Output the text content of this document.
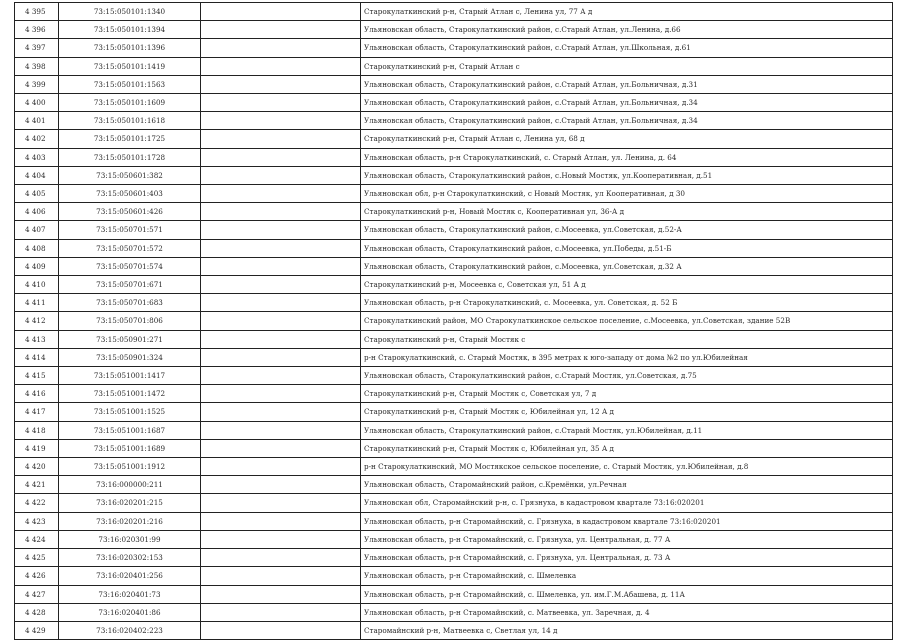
4 395	73:15:050101:1340		Старокулаткинский р-н, Старый Атлан с, Ленина ул, 77 А д
4 396	73:15:050101:1394		Ульяновская область, Старокулаткинский район, с.Старый Атлан, ул.Ленина, д.66
4 397	73:15:050101:1396		Ульяновская область, Старокулаткинский район, с.Старый Атлан, ул.Школьная, д.61
4 398	73:15:050101:1419		Старокулаткинский р-н, Старый Атлан с
4 399	73:15:050101:1563		Ульяновская область, Старокулаткинский район, с.Старый Атлан, ул.Больничная, д.31
4 400	73:15:050101:1609		Ульяновская область, Старокулаткинский район, с.Старый Атлан, ул.Больничная, д.34
4 401	73:15:050101:1618		Ульяновская область, Старокулаткинский район, с.Старый Атлан, ул.Больничная, д.34
4 402	73:15:050101:1725		Старокулаткинский р-н, Старый Атлан с, Ленина ул, 68 д
4 403	73:15:050101:1728		Ульяновская область, р-н Старокулаткинский, с. Старый Атлан, ул. Ленина, д. 64
4 404	73:15:050601:382		Ульяновская область, Старокулаткинский район, с.Новый Мостяк, ул.Кооперативная, д.51
4 405	73:15:050601:403		Ульяновская обл, р-н Старокулаткинский, с Новый Мостяк, ул Кооперативная, д 30
4 406	73:15:050601:426		Старокулаткинский р-н, Новый Мостяк с, Кооперативная ул, 36-А д
4 407	73:15:050701:571		Ульяновская область, Старокулаткинский район, с.Мосеевка, ул.Советская, д.52-А
4 408	73:15:050701:572		Ульяновская область, Старокулаткинский район, с.Мосеевка, ул.Победы, д.51-Б
4 409	73:15:050701:574		Ульяновская область, Старокулаткинский район, с.Мосеевка, ул.Советская, д.32 А
4 410	73:15:050701:671		Старокулаткинский р-н, Мосеевка с, Советская ул, 51 А д
4 411	73:15:050701:683		Ульяновская область, р-н Старокулаткинский, с. Мосеевка, ул. Советская, д. 52 Б
4 412	73:15:050701:806		Старокулаткинский район, МО Старокулаткинское сельское поселение, с.Мосеевка, ул.Советская, здание 52В
4 413	73:15:050901:271		Старокулаткинский р-н, Старый Мостяк с
4 414	73:15:050901:324		р-н Старокулаткинский, с. Старый Мостяк, в 395 метрах к юго-западу от дома №2 по ул.Юбилейная
4 415	73:15:051001:1417		Ульяновская область, Старокулаткинский район, с.Старый Мостяк, ул.Советская, д.75
4 416	73:15:051001:1472		Старокулаткинский р-н, Старый Мостяк с, Советская ул, 7 д
4 417	73:15:051001:1525		Старокулаткинский р-н, Старый Мостяк с, Юбилейная ул, 12 А д
4 418	73:15:051001:1687		Ульяновская область, Старокулаткинский район, с.Старый Мостяк, ул.Юбилейная, д.11
4 419	73:15:051001:1689		Старокулаткинский р-н, Старый Мостяк с, Юбилейная ул, 35 А д
4 420	73:15:051001:1912		р-н Старокулаткинский, МО Мостякское сельское поселение, с. Старый Мостяк, ул.Юбилейная, д.8
4 421	73:16:000000:211		Ульяновская область, Старомайнский район, с.Кремёнки, ул.Речная
4 422	73:16:020201:215		Ульяновская обл, Старомайнский р-н, с. Грязнуха, в кадастровом квартале 73:16:020201
4 423	73:16:020201:216		Ульяновская область, р-н Старомайнский, с. Грязнуха, в кадастровом квартале 73:16:020201
4 424	73:16:020301:99		Ульяновская область, р-н Старомайнский, с. Грязнуха, ул. Центральная, д. 77 А
4 425	73:16:020302:153		Ульяновская область, р-н Старомайнский, с. Грязнуха, ул. Центральная, д. 73 А
4 426	73:16:020401:256		Ульяновская область, р-н Старомайнский, с. Шмелевка
4 427	73:16:020401:73		Ульяновская область, р-н Старомайнский, с. Шмелевка, ул. им.Г.М.Абашева, д. 11А
4 428	73:16:020401:86		Ульяновская область, р-н Старомайнский, с. Матвеевка, ул. Заречная, д. 4
4 429	73:16:020402:223		Старомайнский р-н, Матвеевка с, Светлая ул, 14 д
